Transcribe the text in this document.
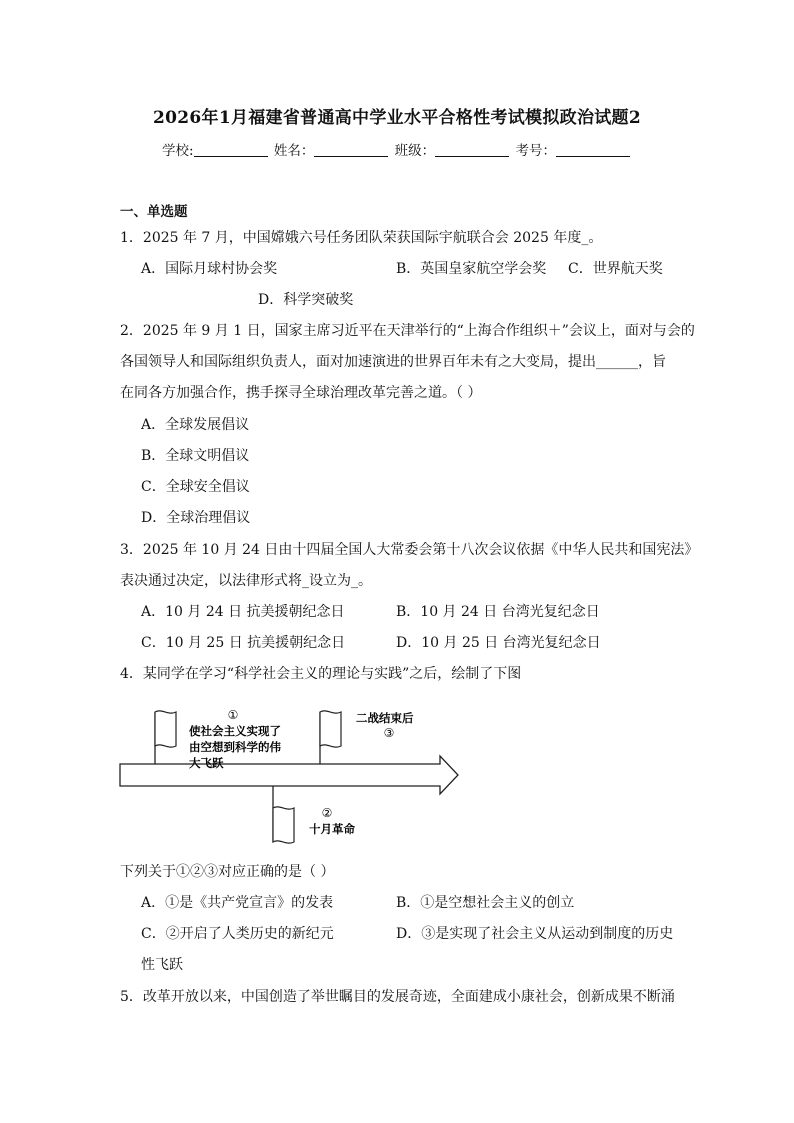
2026年1月福建省普通高中学业水平合格性考试模拟政治试题2
学校:	姓名：	班级：	考号：
一、单选题
1．2025 年 7 月，中国嫦娥六号任务团队荣获国际宇航联合会 2025 年度_。
A．国际月球村协会奖	B．英国皇家航空学会奖 C．世界航天奖
D．科学突破奖
2．2025 年 9 月 1 日，国家主席习近平在天津举行的“上海合作组织＋”会议上，面对与会的
各国领导人和国际组织负责人，面对加速演进的世界百年未有之大变局，提出______，旨
在同各方加强合作，携手探寻全球治理改革完善之道。（ ）
A．全球发展倡议
B．全球文明倡议
C．全球安全倡议
D．全球治理倡议
3．2025 年 10 月 24 日由十四届全国人大常委会第十八次会议依据《中华人民共和国宪法》
表决通过决定，以法律形式将_设立为_。
A．10 月 24 日 抗美援朝纪念日	B．10 月 24 日 台湾光复纪念日
C．10 月 25 日 抗美援朝纪念日	D．10 月 25 日 台湾光复纪念日
4．某同学在学习“科学社会主义的理论与实践”之后，绘制了下图
①
使社会主义实现了
由空想到科学的伟
大飞跃
二战结束后
③
②
十月革命
下列关于①②③对应正确的是（ ）
A．①是《共产党宣言》的发表	B．①是空想社会主义的创立
C．②开启了人类历史的新纪元	D．③是实现了社会主义从运动到制度的历史
性飞跃
5．改革开放以来，中国创造了举世瞩目的发展奇迹，全面建成小康社会，创新成果不断涌
